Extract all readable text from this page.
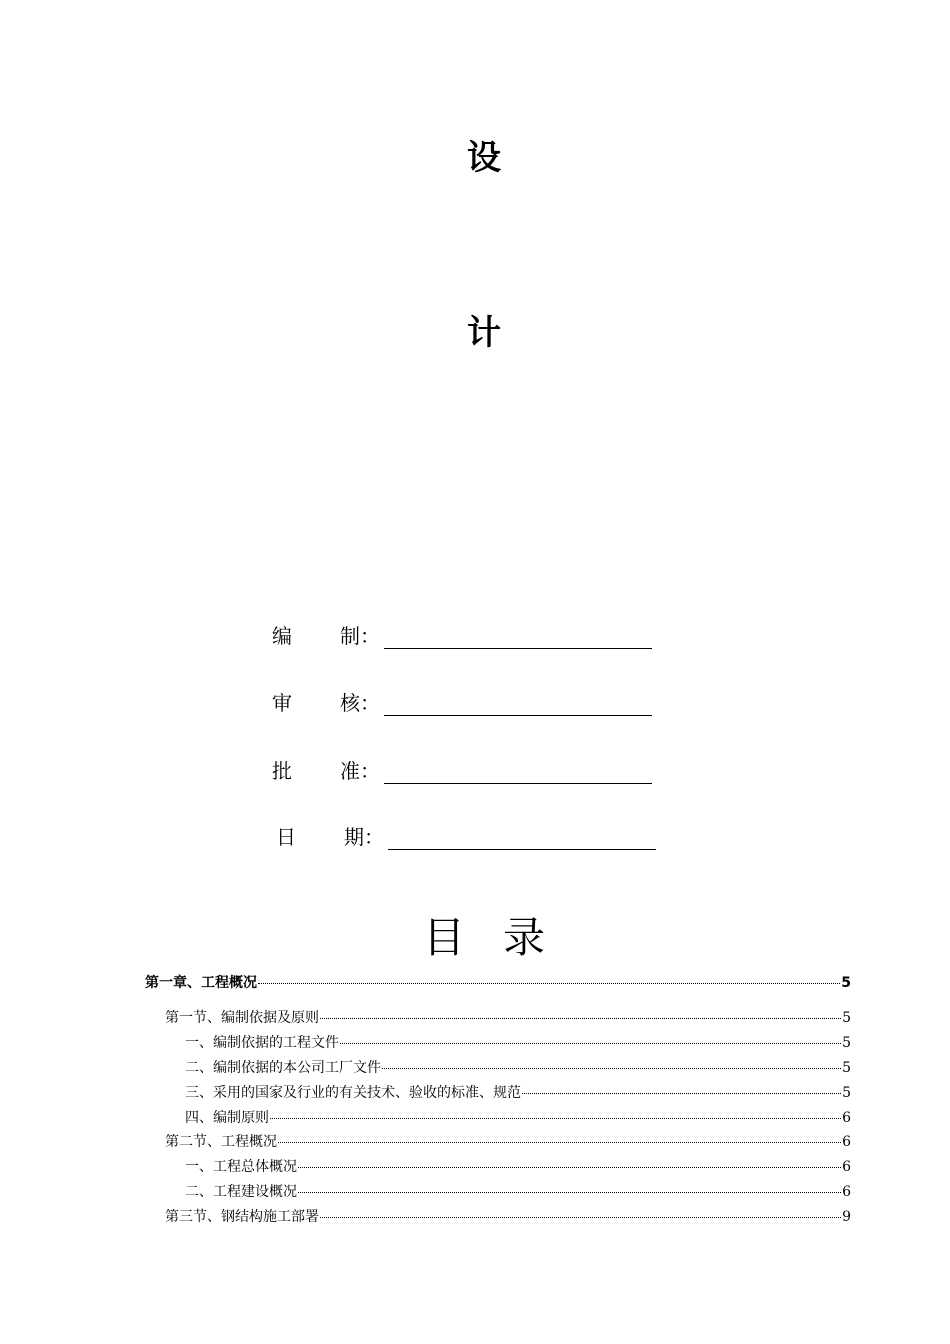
设
计
编 制：
审 核：
批 准：
日 期：
目录
第一章、工程概况	5
第一节、编制依据及原则	5
一、编制依据的工程文件	5
二、编制依据的本公司工厂文件	5
三、采用的国家及行业的有关技术、验收的标准、规范	5
四、编制原则	6
第二节、工程概况	6
一、工程总体概况	6
二、工程建设概况	6
第三节、钢结构施工部署	9
